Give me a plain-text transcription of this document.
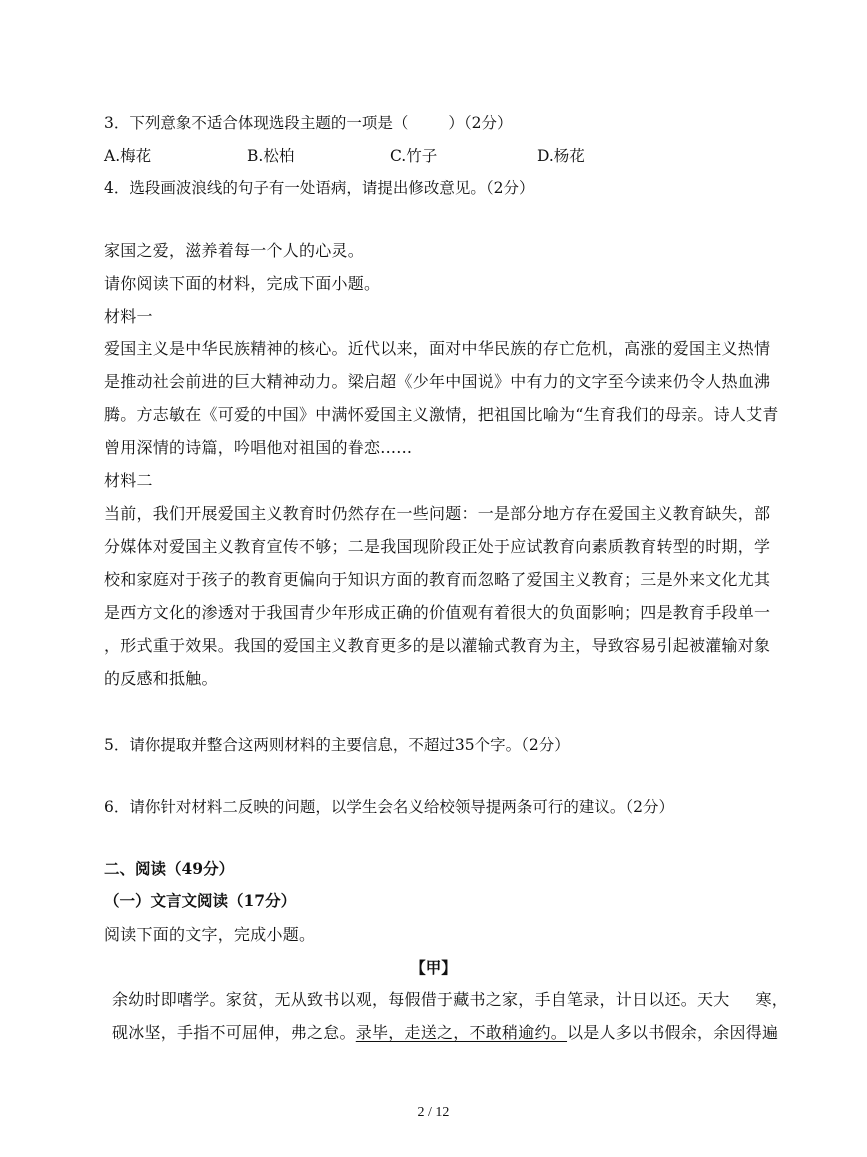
3．下列意象不适合体现选段主题的一项是（	）（2分）
A.梅花	B.松柏	C.竹子	D.杨花
4．选段画波浪线的句子有一处语病，请提出修改意见。（2分）
家国之爱，滋养着每一个人的心灵。
请你阅读下面的材料，完成下面小题。
材料一
爱国主义是中华民族精神的核心。近代以来，面对中华民族的存亡危机，高涨的爱国主义热情
是推动社会前进的巨大精神动力。梁启超《少年中国说》中有力的文字至今读来仍令人热血沸
腾。方志敏在《可爱的中国》中满怀爱国主义激情，把祖国比喻为“生育我们的母亲。诗人艾青
曾用深情的诗篇，吟唱他对祖国的眷恋......
材料二
当前，我们开展爱国主义教育时仍然存在一些问题：一是部分地方存在爱国主义教育缺失，部
分媒体对爱国主义教育宣传不够；二是我国现阶段正处于应试教育向素质教育转型的时期，学
校和家庭对于孩子的教育更偏向于知识方面的教育而忽略了爱国主义教育；三是外来文化尤其
是西方文化的渗透对于我国青少年形成正确的价值观有着很大的负面影响；四是教育手段单一
，形式重于效果。我国的爱国主义教育更多的是以灌输式教育为主，导致容易引起被灌输对象
的反感和抵触。
5．请你提取并整合这两则材料的主要信息，不超过35个字。（2分）
6．请你针对材料二反映的问题，以学生会名义给校领导提两条可行的建议。（2分）
二、阅读（49分）
（一）文言文阅读（17分）
阅读下面的文字，完成小题。
【甲】
余幼时即嗜学。家贫，无从致书以观，每假借于藏书之家，手自笔录，计日以还。天大 寒，
砚冰坚，手指不可屈伸，弗之怠。录毕，走送之，不敢稍逾约。以是人多以书假余，余因得遍
2 / 12
